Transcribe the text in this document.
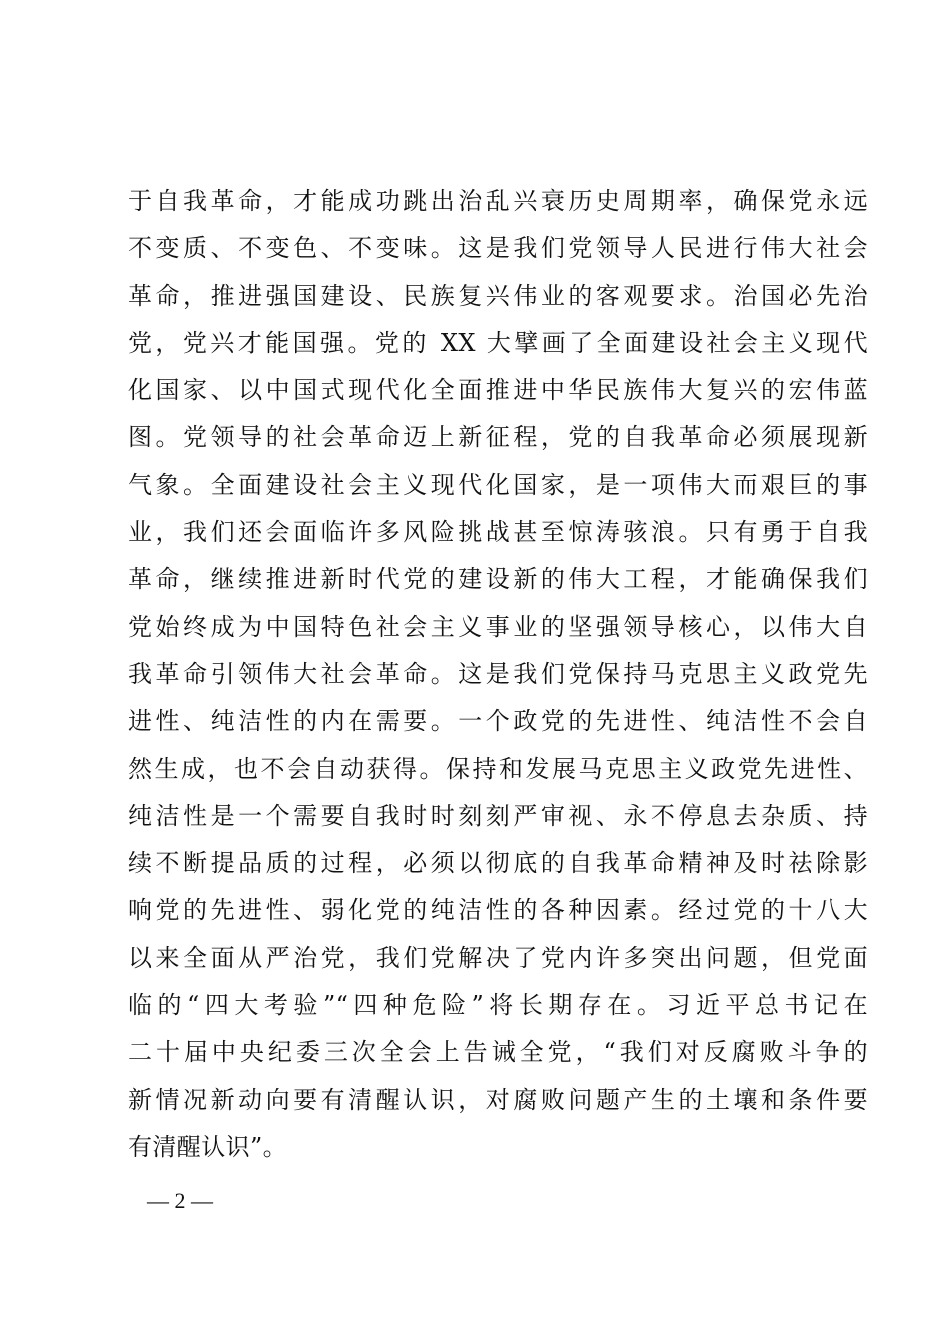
于自我革命，才能成功跳出治乱兴衰历史周期率，确保党永远
不变质、不变色、不变味。这是我们党领导人民进行伟大社会
革命，推进强国建设、民族复兴伟业的客观要求。治国必先治
党，党兴才能国强。党的 XX 大擘画了全面建设社会主义现代
化国家、以中国式现代化全面推进中华民族伟大复兴的宏伟蓝
图。党领导的社会革命迈上新征程，党的自我革命必须展现新
气象。全面建设社会主义现代化国家，是一项伟大而艰巨的事
业，我们还会面临许多风险挑战甚至惊涛骇浪。只有勇于自我
革命，继续推进新时代党的建设新的伟大工程，才能确保我们
党始终成为中国特色社会主义事业的坚强领导核心，以伟大自
我革命引领伟大社会革命。这是我们党保持马克思主义政党先
进性、纯洁性的内在需要。一个政党的先进性、纯洁性不会自
然生成，也不会自动获得。保持和发展马克思主义政党先进性、
纯洁性是一个需要自我时时刻刻严审视、永不停息去杂质、持
续不断提品质的过程，必须以彻底的自我革命精神及时祛除影
响党的先进性、弱化党的纯洁性的各种因素。经过党的十八大
以来全面从严治党，我们党解决了党内许多突出问题，但党面
临的“四大考验”“四种危险”将长期存在。习近平总书记在
二十届中央纪委三次全会上告诫全党，“我们对反腐败斗争的
新情况新动向要有清醒认识，对腐败问题产生的土壤和条件要
有清醒认识”。
— 2 —
